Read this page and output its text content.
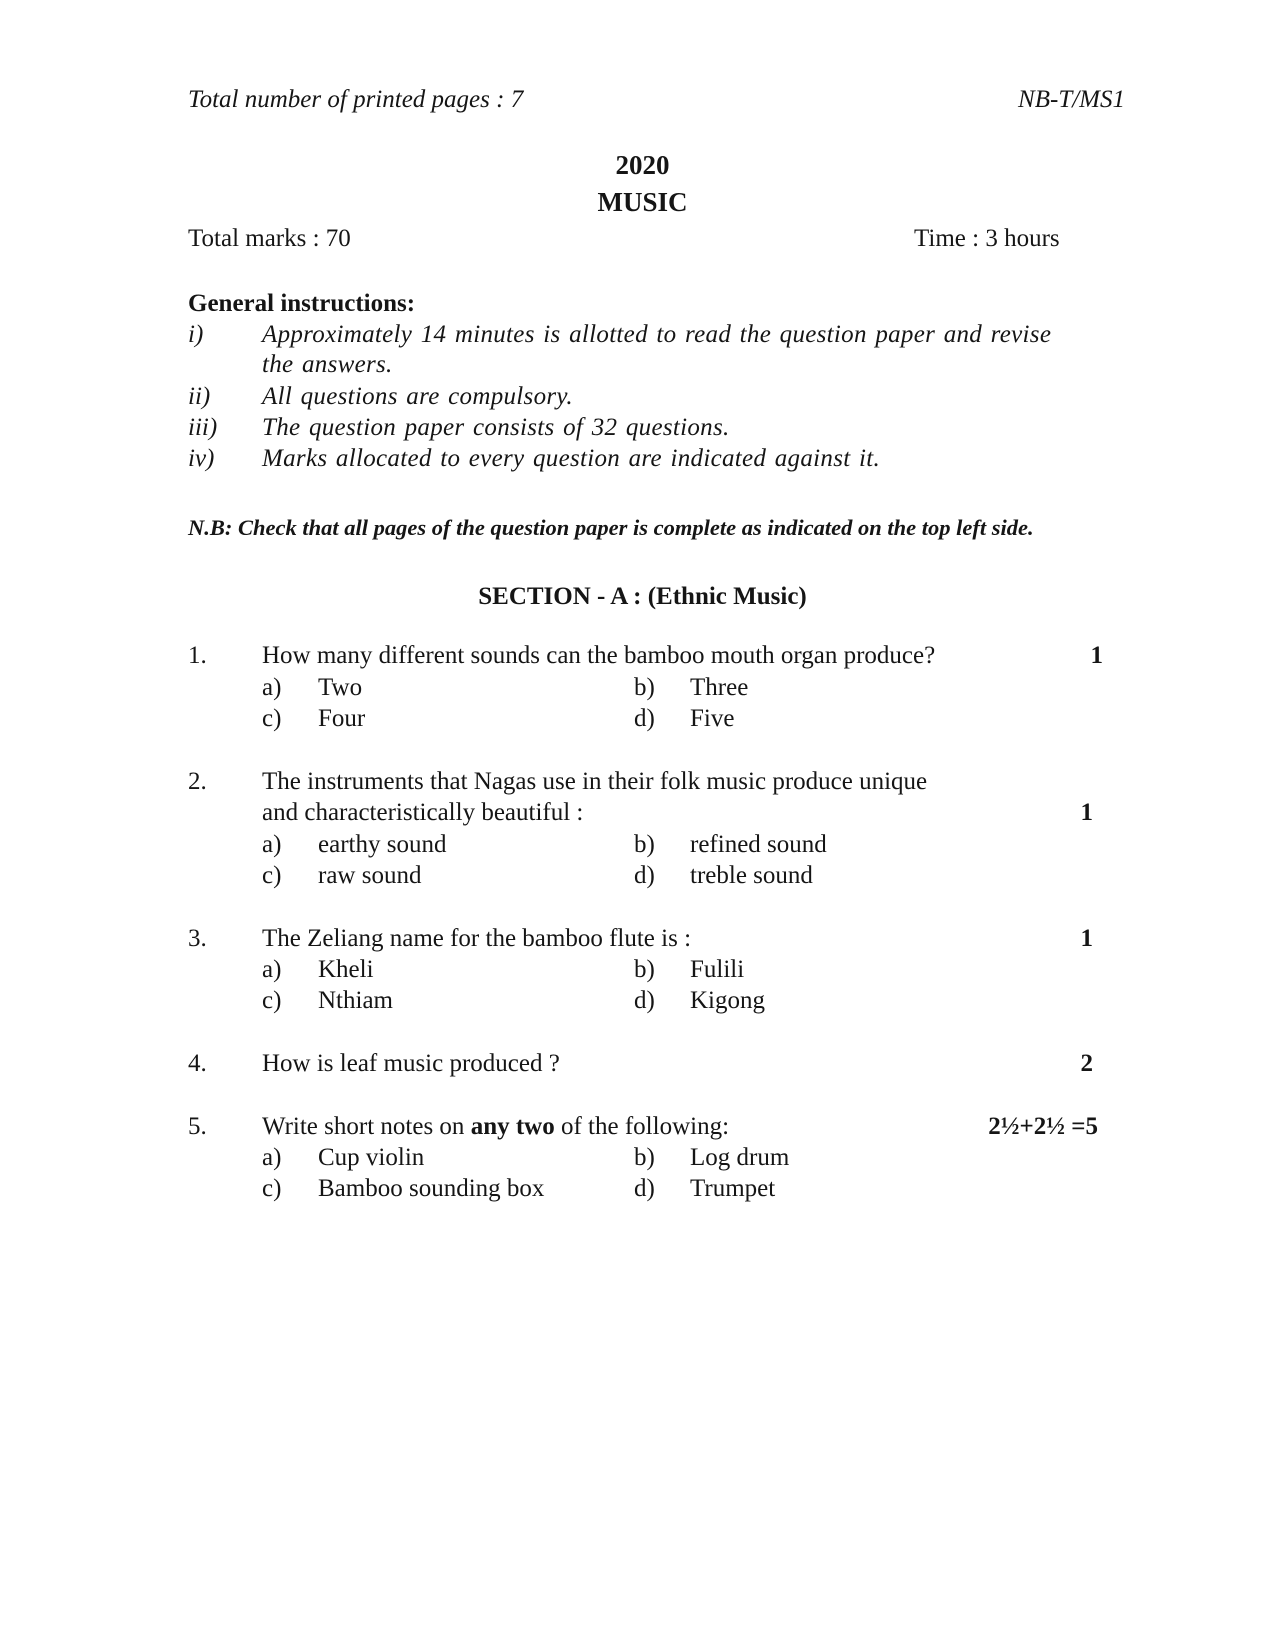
Total number of printed pages : 7	NB-T/MS1
2020
MUSIC
Total marks : 70	Time : 3 hours
General instructions:
i) Approximately 14 minutes is allotted to read the question paper and revise
the answers.
ii) All questions are compulsory.
iii) The question paper consists of 32 questions.
iv) Marks allocated to every question are indicated against it.
N.B: Check that all pages of the question paper is complete as indicated on the top left side.
SECTION - A : (Ethnic Music)
1. How many different sounds can the bamboo mouth organ produce?	1
a) Two	b) Three
c) Four	d) Five
2. The instruments that Nagas use in their folk music produce unique
and characteristically beautiful :	1
a) earthy sound	b) refined sound
c) raw sound	d) treble sound
3. The Zeliang name for the bamboo flute is :	1
a) Kheli	b) Fulili
c) Nthiam	d) Kigong
4. How is leaf music produced ?	2
5. Write short notes on any two of the following:	2½+2½ =5
a) Cup violin	b) Log drum
c) Bamboo sounding box	d) Trumpet
